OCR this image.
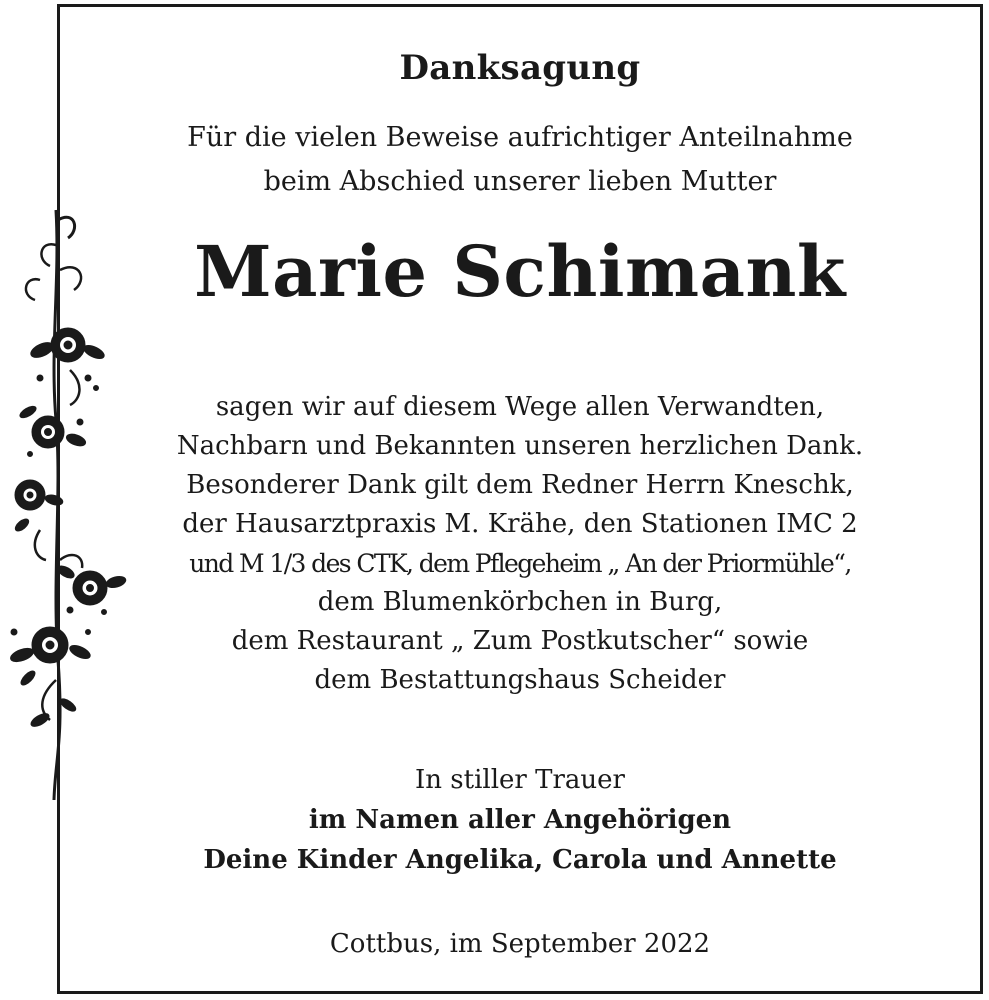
Danksagung
Für die vielen Beweise aufrichtiger Anteilnahme
beim Abschied unserer lieben Mutter
Marie Schimank
sagen wir auf diesem Wege allen Verwandten,
Nachbarn und Bekannten unseren herzlichen Dank.
Besonderer Dank gilt dem Redner Herrn Kneschk,
der Hausarztpraxis M. Krähe, den Stationen IMC 2
und M 1/3 des CTK, dem Pflegeheim „ An der Priormühle“,
dem Blumenkörbchen in Burg,
dem Restaurant „ Zum Postkutscher“ sowie
dem Bestattungshaus Scheider
In stiller Trauer
im Namen aller Angehörigen
Deine Kinder Angelika, Carola und Annette
Cottbus, im September 2022
